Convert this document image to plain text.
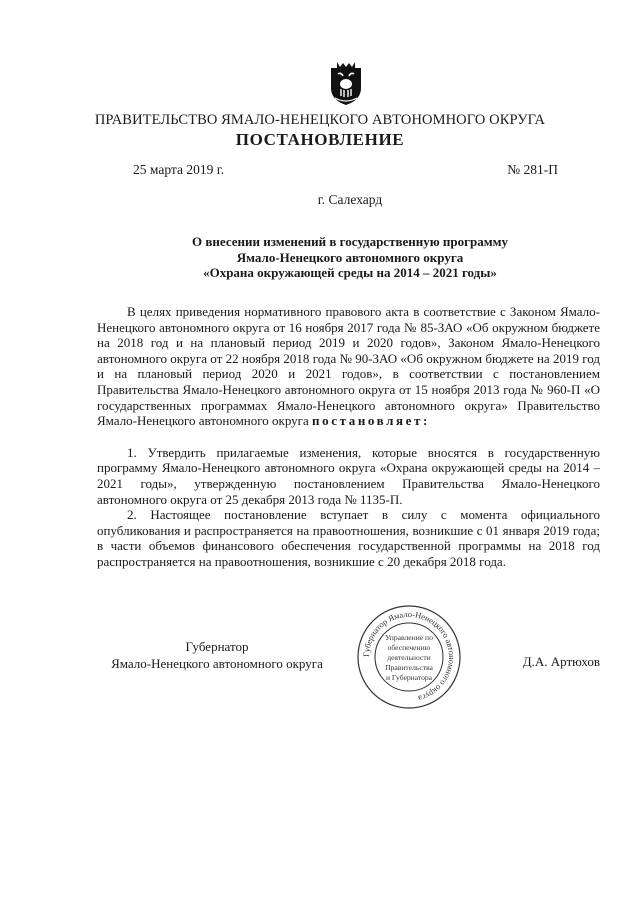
ПРАВИТЕЛЬСТВО ЯМАЛО-НЕНЕЦКОГО АВТОНОМНОГО ОКРУГА
ПОСТАНОВЛЕНИЕ
25 марта 2019 г.	№ 281-П
г. Салехард
О внесении изменений в государственную программу
Ямало-Ненецкого автономного округа
«Охрана окружающей среды на 2014 – 2021 годы»

В целях приведения нормативного правового акта в соответствие с Законом Ямало-Ненецкого автономного округа от 16 ноября 2017 года № 85-ЗАО «Об окружном бюджете на 2018 год и на плановый период 2019 и 2020 годов», Законом Ямало-Ненецкого автономного округа от 22 ноября 2018 года № 90-ЗАО «Об окружном бюджете на 2019 год и на плановый период 2020 и 2021 годов», в соответствии с постановлением Правительства Ямало-Ненецкого автономного округа от 15 ноября 2013 года № 960-П «О государственных программах Ямало-Ненецкого автономного округа» Правительство Ямало-Ненецкого автономного округа постановляет:

1. Утвердить прилагаемые изменения, которые вносятся в государственную программу Ямало-Ненецкого автономного округа «Охрана окружающей среды на 2014 – 2021 годы», утвержденную постановлением Правительства Ямало-Ненецкого автономного округа от 25 декабря 2013 года № 1135-П.

2. Настоящее постановление вступает в силу с момента официального опубликования и распространяется на правоотношения, возникшие с 01 января 2019 года; в части объемов финансового обеспечения государственной программы на 2018 год распространяется на правоотношения, возникшие с 20 декабря 2018 года.

Губернатор
Ямало-Ненецкого автономного округа
Губернатор Ямало-Ненецкого автономного округа
Управление по
обеспечению
деятельности
Правительства
и Губернатора
Д.А. Артюхов
